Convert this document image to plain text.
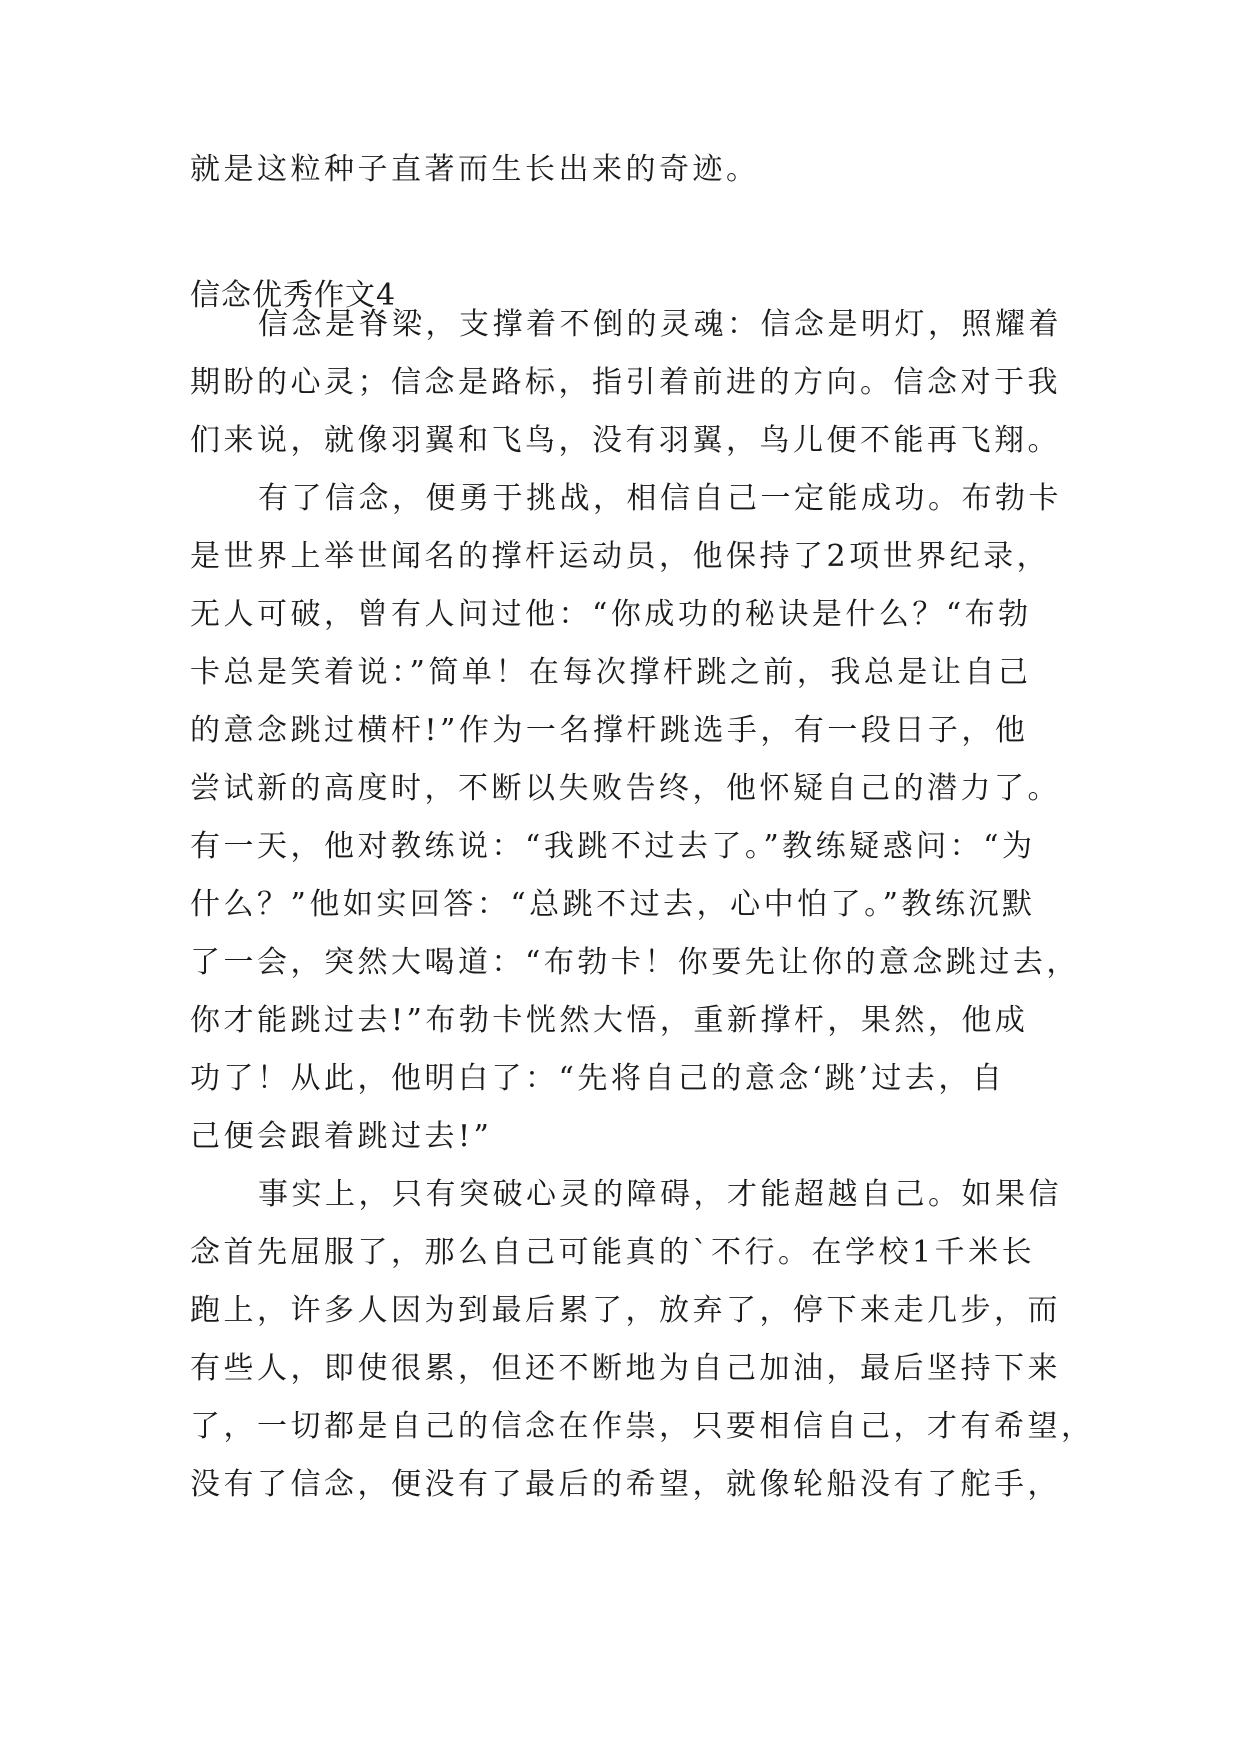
就是这粒种子直著而生长出来的奇迹。
信念优秀作文4
信念是脊梁，支撑着不倒的灵魂：信念是明灯，照耀着
期盼的心灵；信念是路标，指引着前进的方向。信念对于我
们来说，就像羽翼和飞鸟，没有羽翼，鸟儿便不能再飞翔。
有了信念，便勇于挑战，相信自己一定能成功。布勃卡
是世界上举世闻名的撑杆运动员，他保持了2项世界纪录，
无人可破，曾有人问过他：“你成功的秘诀是什么？“布勃
卡总是笑着说：”简单！在每次撑杆跳之前，我总是让自己
的意念跳过横杆!”作为一名撑杆跳选手，有一段日子，他
尝试新的高度时，不断以失败告终，他怀疑自己的潜力了。
有一天，他对教练说：“我跳不过去了。”教练疑惑问：“为
什么？”他如实回答：“总跳不过去，心中怕了。”教练沉默
了一会，突然大喝道：“布勃卡！你要先让你的意念跳过去，
你才能跳过去!”布勃卡恍然大悟，重新撑杆，果然，他成
功了！从此，他明白了：“先将自己的意念‘跳’过去，自
己便会跟着跳过去!”
事实上，只有突破心灵的障碍，才能超越自己。如果信
念首先屈服了，那么自己可能真的`不行。在学校1千米长
跑上，许多人因为到最后累了，放弃了，停下来走几步，而
有些人，即使很累，但还不断地为自己加油，最后坚持下来
了，一切都是自己的信念在作祟，只要相信自己，才有希望，
没有了信念，便没有了最后的希望，就像轮船没有了舵手，
